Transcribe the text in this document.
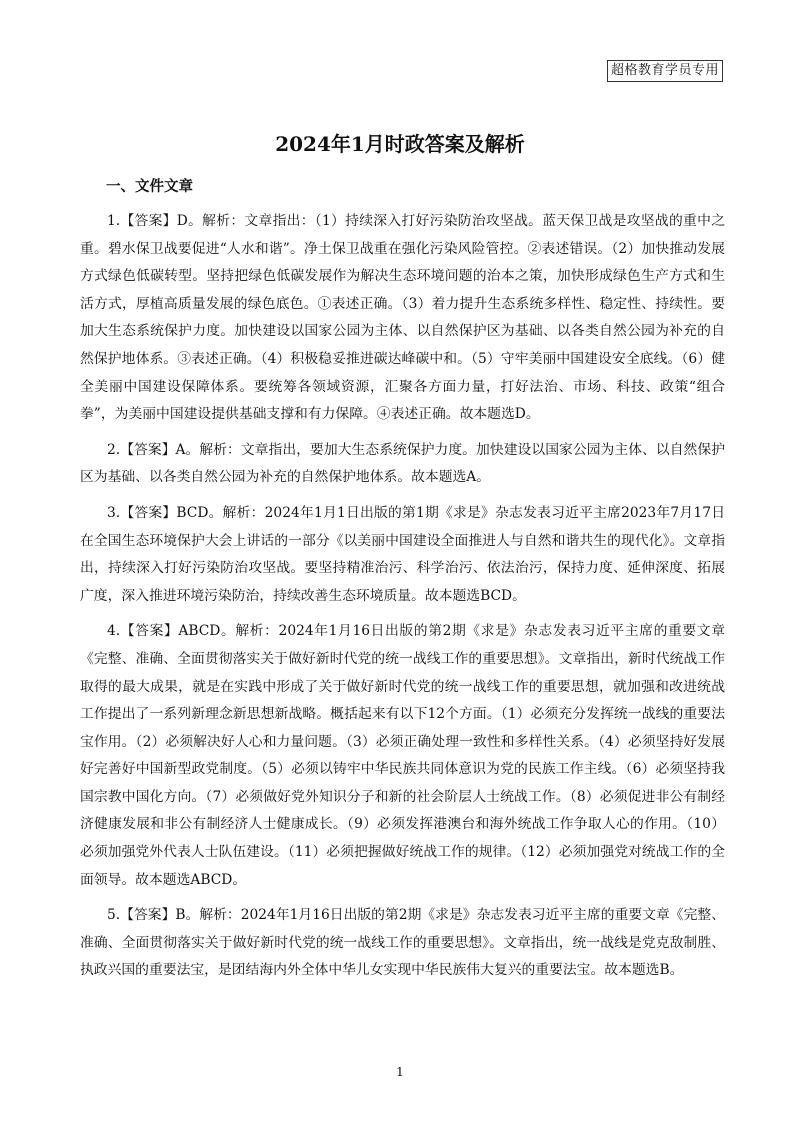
超格教育学员专用
2024年1月时政答案及解析
一、文件文章

1.【答案】D。解析：文章指出：（1）持续深入打好污染防治攻坚战。蓝天保卫战是攻坚战的重中之重。碧水保卫战要促进“人水和谐”。净土保卫战重在强化污染风险管控。②表述错误。（2）加快推动发展方式绿色低碳转型。坚持把绿色低碳发展作为解决生态环境问题的治本之策，加快形成绿色生产方式和生活方式，厚植高质量发展的绿色底色。①表述正确。（3）着力提升生态系统多样性、稳定性、持续性。要加大生态系统保护力度。加快建设以国家公园为主体、以自然保护区为基础、以各类自然公园为补充的自然保护地体系。③表述正确。（4）积极稳妥推进碳达峰碳中和。（5）守牢美丽中国建设安全底线。（6）健全美丽中国建设保障体系。要统筹各领域资源，汇聚各方面力量，打好法治、市场、科技、政策“组合拳”，为美丽中国建设提供基础支撑和有力保障。④表述正确。故本题选D。

2.【答案】A。解析：文章指出，要加大生态系统保护力度。加快建设以国家公园为主体、以自然保护区为基础、以各类自然公园为补充的自然保护地体系。故本题选A。

3.【答案】BCD。解析：2024年1月1日出版的第1期《求是》杂志发表习近平主席2023年7月17日在全国生态环境保护大会上讲话的一部分《以美丽中国建设全面推进人与自然和谐共生的现代化》。文章指出，持续深入打好污染防治攻坚战。要坚持精准治污、科学治污、依法治污，保持力度、延伸深度、拓展广度，深入推进环境污染防治，持续改善生态环境质量。故本题选BCD。

4.【答案】ABCD。解析：2024年1月16日出版的第2期《求是》杂志发表习近平主席的重要文章《完整、准确、全面贯彻落实关于做好新时代党的统一战线工作的重要思想》。文章指出，新时代统战工作取得的最大成果，就是在实践中形成了关于做好新时代党的统一战线工作的重要思想，就加强和改进统战工作提出了一系列新理念新思想新战略。概括起来有以下12个方面。（1）必须充分发挥统一战线的重要法宝作用。（2）必须解决好人心和力量问题。（3）必须正确处理一致性和多样性关系。（4）必须坚持好发展好完善好中国新型政党制度。（5）必须以铸牢中华民族共同体意识为党的民族工作主线。（6）必须坚持我国宗教中国化方向。（7）必须做好党外知识分子和新的社会阶层人士统战工作。（8）必须促进非公有制经济健康发展和非公有制经济人士健康成长。（9）必须发挥港澳台和海外统战工作争取人心的作用。（10）必须加强党外代表人士队伍建设。（11）必须把握做好统战工作的规律。（12）必须加强党对统战工作的全面领导。故本题选ABCD。

5.【答案】B。解析：2024年1月16日出版的第2期《求是》杂志发表习近平主席的重要文章《完整、准确、全面贯彻落实关于做好新时代党的统一战线工作的重要思想》。文章指出，统一战线是党克敌制胜、执政兴国的重要法宝，是团结海内外全体中华儿女实现中华民族伟大复兴的重要法宝。故本题选B。

1
